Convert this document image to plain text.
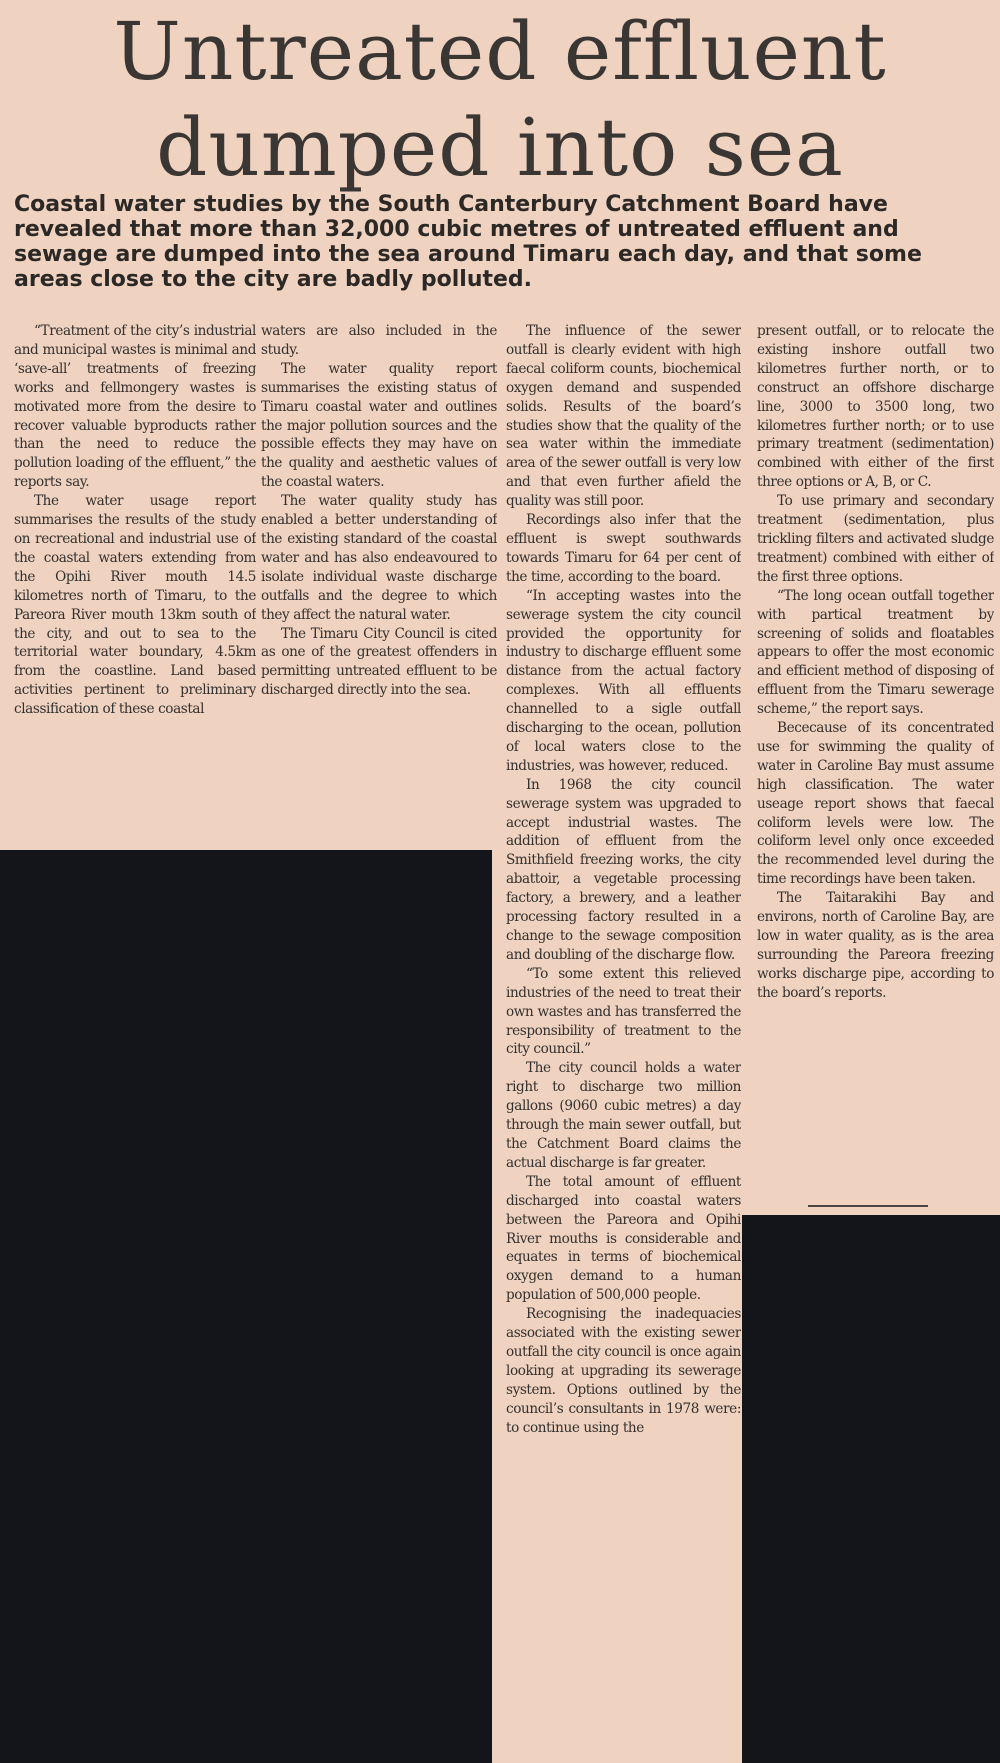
Untreated effluent
dumped into sea

Coastal water studies by the South Canterbury Catchment Board have revealed that more than 32,000 cubic metres of untreated effluent and sewage are dumped into the sea around Timaru each day, and that some areas close to the city are badly polluted.

“Treatment of the city’s industrial and municipal wastes is minimal and ‘save-all’ treatments of freezing works and fellmongery wastes is motivated more from the desire to recover valuable byproducts rather than the need to reduce the pollution loading of the effluent,” the reports say.

The water usage report summarises the results of the study on recreational and industrial use of the coastal waters extending from the Opihi River mouth 14.5 kilometres north of Timaru, to the Pareora River mouth 13km south of the city, and out to sea to the territorial water boundary, 4.5km from the coastline. Land based activities pertinent to preliminary classification of these coastal

waters are also included in the study.

The water quality report summarises the existing status of Timaru coastal water and outlines the major pollution sources and the possible effects they may have on the quality and aesthetic values of the coastal waters.

The water quality study has enabled a better understanding of the existing standard of the coastal water and has also endeavoured to isolate individual waste discharge outfalls and the degree to which they affect the natural water.

The Timaru City Council is cited as one of the greatest offenders in permitting untreated effluent to be discharged directly into the sea.

The influence of the sewer outfall is clearly evident with high faecal coliform counts, biochemical oxygen demand and suspended solids. Results of the board’s studies show that the quality of the sea water within the immediate area of the sewer outfall is very low and that even further afield the quality was still poor.

Recordings also infer that the effluent is swept southwards towards Timaru for 64 per cent of the time, according to the board.

“In accepting wastes into the sewerage system the city council provided the opportunity for industry to discharge effluent some distance from the actual factory complexes. With all effluents channelled to a sigle outfall discharging to the ocean, pollution of local waters close to the industries, was however, reduced.

In 1968 the city council sewerage system was upgraded to accept industrial wastes. The addition of effluent from the Smithfield freezing works, the city abattoir, a vegetable processing factory, a brewery, and a leather processing factory resulted in a change to the sewage composition and doubling of the discharge flow.

“To some extent this relieved industries of the need to treat their own wastes and has transferred the responsibility of treatment to the city council.”

The city council holds a water right to discharge two million gallons (9060 cubic metres) a day through the main sewer outfall, but the Catchment Board claims the actual discharge is far greater.

The total amount of effluent discharged into coastal waters between the Pareora and Opihi River mouths is considerable and equates in terms of biochemical oxygen demand to a human population of 500,000 people.

Recognising the inadequacies associated with the existing sewer outfall the city council is once again looking at upgrading its sewerage system. Options outlined by the council’s consultants in 1978 were: to continue using the

present outfall, or to relocate the existing inshore outfall two kilometres further north, or to construct an offshore discharge line, 3000 to 3500 long, two kilometres further north; or to use primary treatment (sedimentation) combined with either of the first three options or A, B, or C.

To use primary and secondary treatment (sedimentation, plus trickling filters and activated sludge treatment) combined with either of the first three options.

“The long ocean outfall together with partical treatment by screening of solids and floatables appears to offer the most economic and efficient method of disposing of effluent from the Timaru sewerage scheme,” the report says.

Bececause of its concentrated use for swimming the quality of water in Caroline Bay must assume high classification. The water useage report shows that faecal coliform levels were low. The coliform level only once exceeded the recommended level during the time recordings have been taken.

The Taitarakihi Bay and environs, north of Caroline Bay, are low in water quality, as is the area surrounding the Pareora freezing works discharge pipe, according to the board’s reports.
